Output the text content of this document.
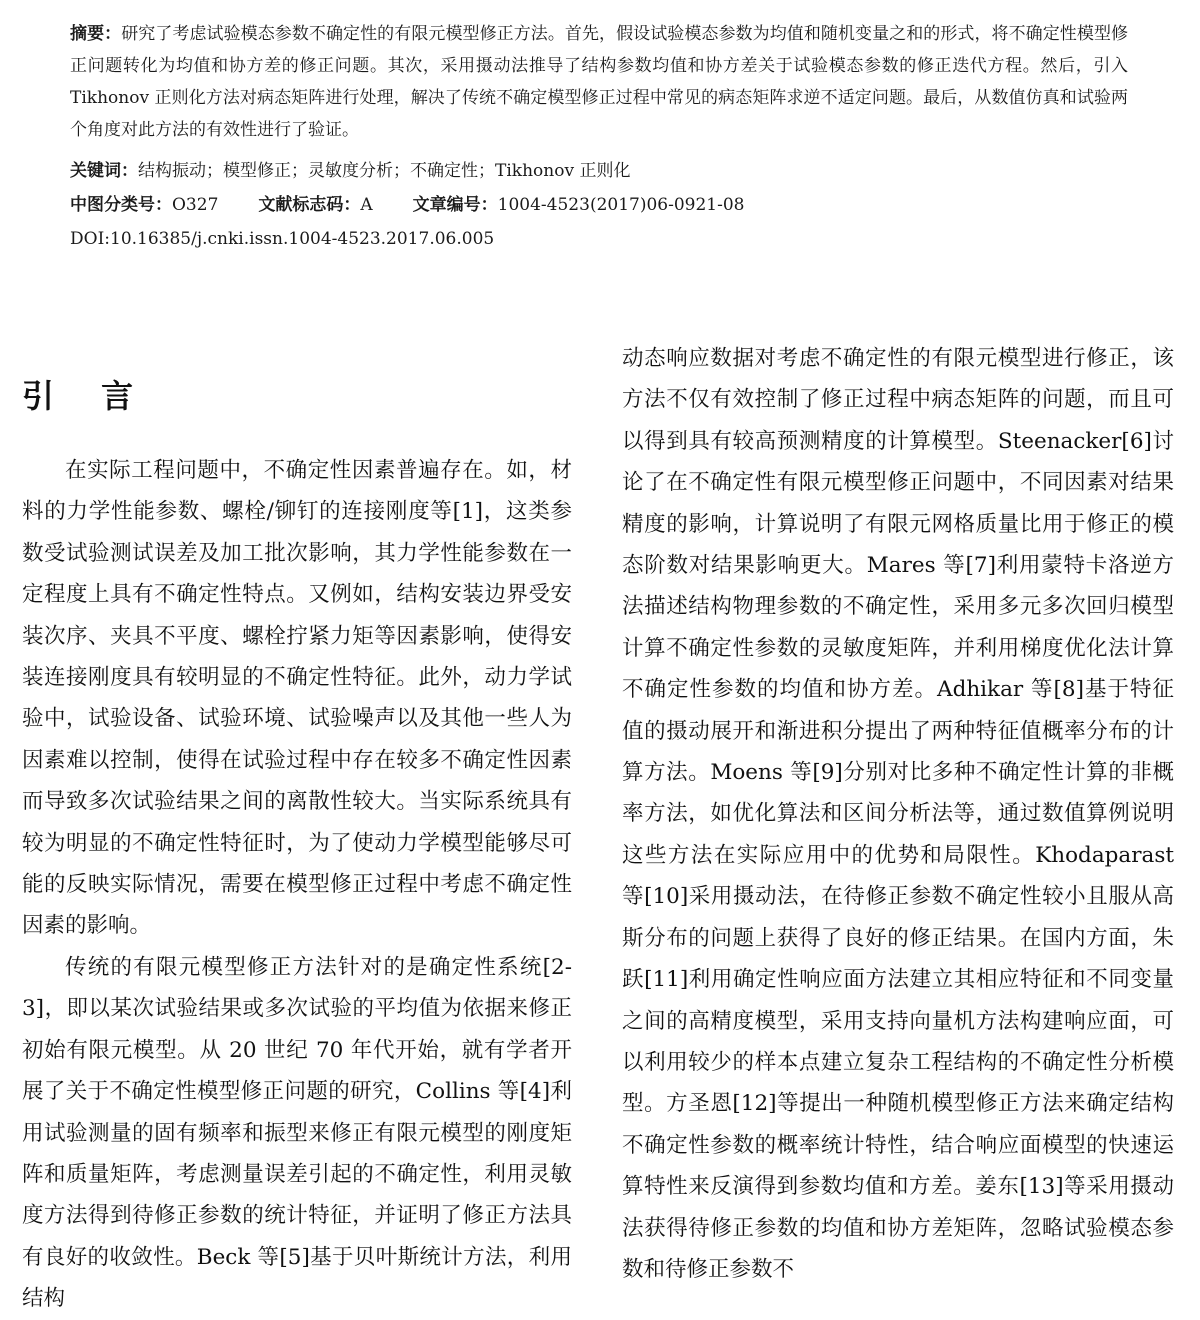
摘要：研究了考虑试验模态参数不确定性的有限元模型修正方法。首先，假设试验模态参数为均值和随机变量之和的形式，将不确定性模型修正问题转化为均值和协方差的修正问题。其次，采用摄动法推导了结构参数均值和协方差关于试验模态参数的修正迭代方程。然后，引入 Tikhonov 正则化方法对病态矩阵进行处理，解决了传统不确定模型修正过程中常见的病态矩阵求逆不适定问题。最后，从数值仿真和试验两个角度对此方法的有效性进行了验证。

关键词：结构振动；模型修正；灵敏度分析；不确定性；Tikhonov 正则化

中图分类号：O327 文献标志码：A 文章编号：1004-4523(2017)06-0921-08

DOI:10.16385/j.cnki.issn.1004-4523.2017.06.005

引 言

在实际工程问题中，不确定性因素普遍存在。如，材料的力学性能参数、螺栓/铆钉的连接刚度等[1]，这类参数受试验测试误差及加工批次影响，其力学性能参数在一定程度上具有不确定性特点。又例如，结构安装边界受安装次序、夹具不平度、螺栓拧紧力矩等因素影响，使得安装连接刚度具有较明显的不确定性特征。此外，动力学试验中，试验设备、试验环境、试验噪声以及其他一些人为因素难以控制，使得在试验过程中存在较多不确定性因素而导致多次试验结果之间的离散性较大。当实际系统具有较为明显的不确定性特征时，为了使动力学模型能够尽可能的反映实际情况，需要在模型修正过程中考虑不确定性因素的影响。

传统的有限元模型修正方法针对的是确定性系统[2-3]，即以某次试验结果或多次试验的平均值为依据来修正初始有限元模型。从 20 世纪 70 年代开始，就有学者开展了关于不确定性模型修正问题的研究，Collins 等[4]利用试验测量的固有频率和振型来修正有限元模型的刚度矩阵和质量矩阵，考虑测量误差引起的不确定性，利用灵敏度方法得到待修正参数的统计特征，并证明了修正方法具有良好的收敛性。Beck 等[5]基于贝叶斯统计方法，利用结构

动态响应数据对考虑不确定性的有限元模型进行修正，该方法不仅有效控制了修正过程中病态矩阵的问题，而且可以得到具有较高预测精度的计算模型。Steenacker[6]讨论了在不确定性有限元模型修正问题中，不同因素对结果精度的影响，计算说明了有限元网格质量比用于修正的模态阶数对结果影响更大。Mares 等[7]利用蒙特卡洛逆方法描述结构物理参数的不确定性，采用多元多次回归模型计算不确定性参数的灵敏度矩阵，并利用梯度优化法计算不确定性参数的均值和协方差。Adhikar 等[8]基于特征值的摄动展开和渐进积分提出了两种特征值概率分布的计算方法。Moens 等[9]分别对比多种不确定性计算的非概率方法，如优化算法和区间分析法等，通过数值算例说明这些方法在实际应用中的优势和局限性。Khodaparast 等[10]采用摄动法，在待修正参数不确定性较小且服从高斯分布的问题上获得了良好的修正结果。在国内方面，朱跃[11]利用确定性响应面方法建立其相应特征和不同变量之间的高精度模型，采用支持向量机方法构建响应面，可以利用较少的样本点建立复杂工程结构的不确定性分析模型。方圣恩[12]等提出一种随机模型修正方法来确定结构不确定性参数的概率统计特性，结合响应面模型的快速运算特性来反演得到参数均值和方差。姜东[13]等采用摄动法获得待修正参数的均值和协方差矩阵，忽略试验模态参数和待修正参数不
